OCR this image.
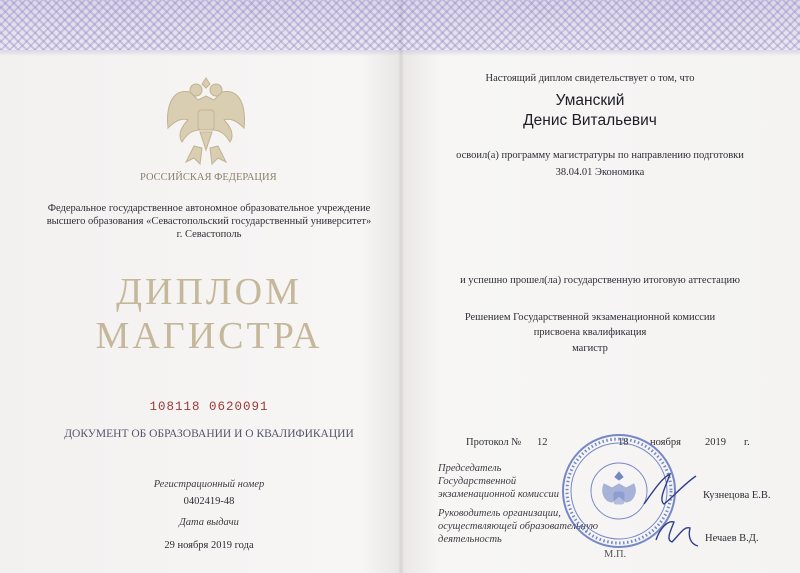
РОССИЙСКАЯ ФЕДЕРАЦИЯ
Федеральное государственное автономное образовательное учреждение
высшего образования «Севастопольский государственный университет»
г. Севастополь
ДИПЛОМ
МАГИСТРА
108118 0620091
ДОКУМЕНТ ОБ ОБРАЗОВАНИИ И О КВАЛИФИКАЦИИ
Регистрационный номер
0402419-48
Дата выдачи
29 ноября 2019 года
Настоящий диплом свидетельствует о том, что
Уманский
Денис Витальевич
освоил(а) программу магистратуры по направлению подготовки
38.04.01 Экономика
и успешно прошел(ла) государственную итоговую аттестацию
Решением Государственной экзаменационной комиссии
присвоена квалификация
магистр
Протокол № 12	18 ноября 2019 г.
Председатель
Государственной
экзаменационной комиссии	Кузнецова Е.В.
Руководитель организации,
осуществляющей образовательную
деятельность	Нечаев В.Д.
М.П.
